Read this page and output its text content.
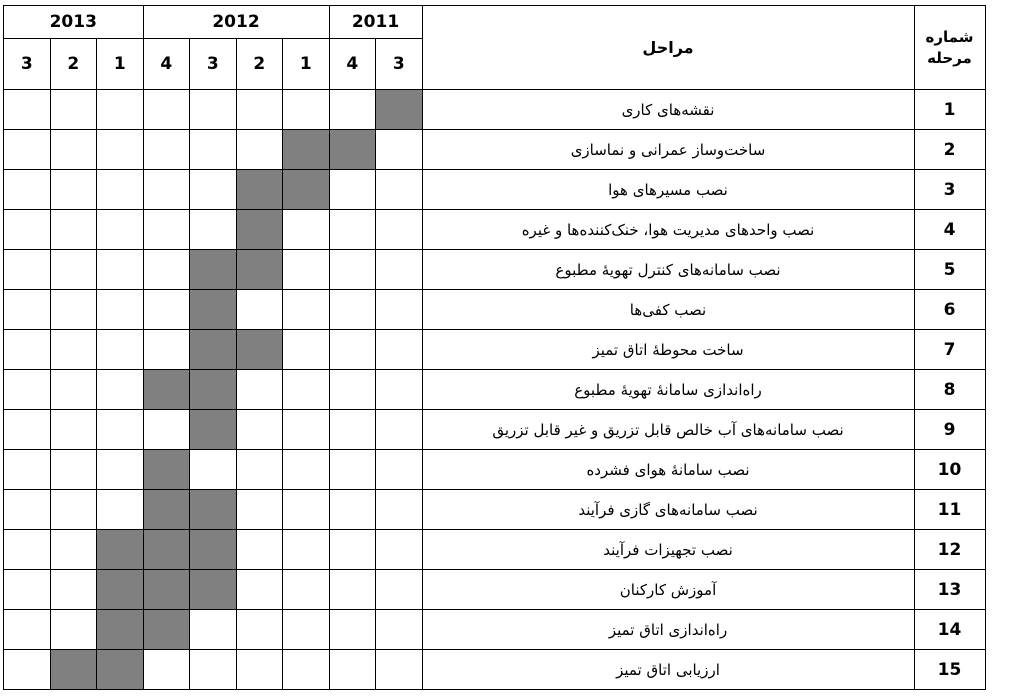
2013			2012				2011		مراحل	شماره
مرحله
3	2	1	4	3	2	1	4	3		
									نقشه‌های کاری	1
									ساخت‌وساز عمرانی و نماسازی	2
									نصب مسیرهای هوا	3
									نصب واحدهای مدیریت هوا، خنک‌کننده‌ها و غیره	4
									نصب سامانه‌های کنترل تهویهٔ مطبوع	5
									نصب کفی‌ها	6
									ساخت محوطهٔ اتاق تمیز	7
									راه‌اندازی سامانهٔ تهویهٔ مطبوع	8
									نصب سامانه‌های آب خالص قابل تزریق و غیر قابل تزریق	9
									نصب سامانهٔ هوای فشرده	10
									نصب سامانه‌های گازی فرآیند	11
									نصب تجهیزات فرآیند	12
									آموزش کارکنان	13
									راه‌اندازی اتاق تمیز	14
									ارزیابی اتاق تمیز	15
